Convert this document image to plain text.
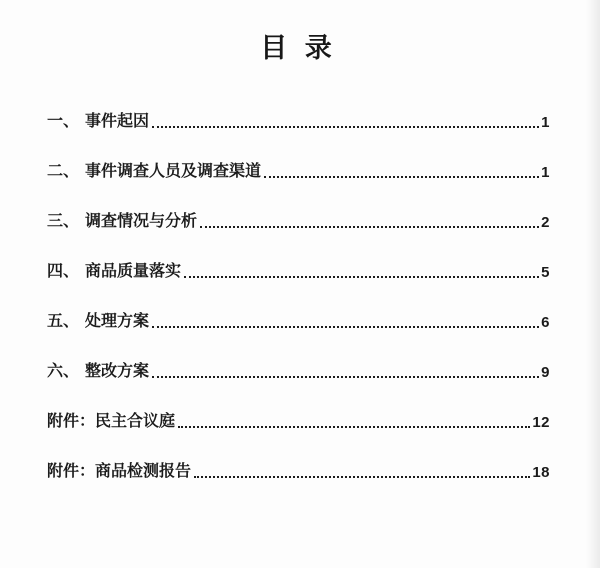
目 录
一、 事件起因	1
二、 事件调查人员及调查渠道	1
三、 调查情况与分析	2
四、 商品质量落实	5
五、 处理方案	6
六、 整改方案	9
附件： 民主合议庭	12
附件： 商品检测报告	18
